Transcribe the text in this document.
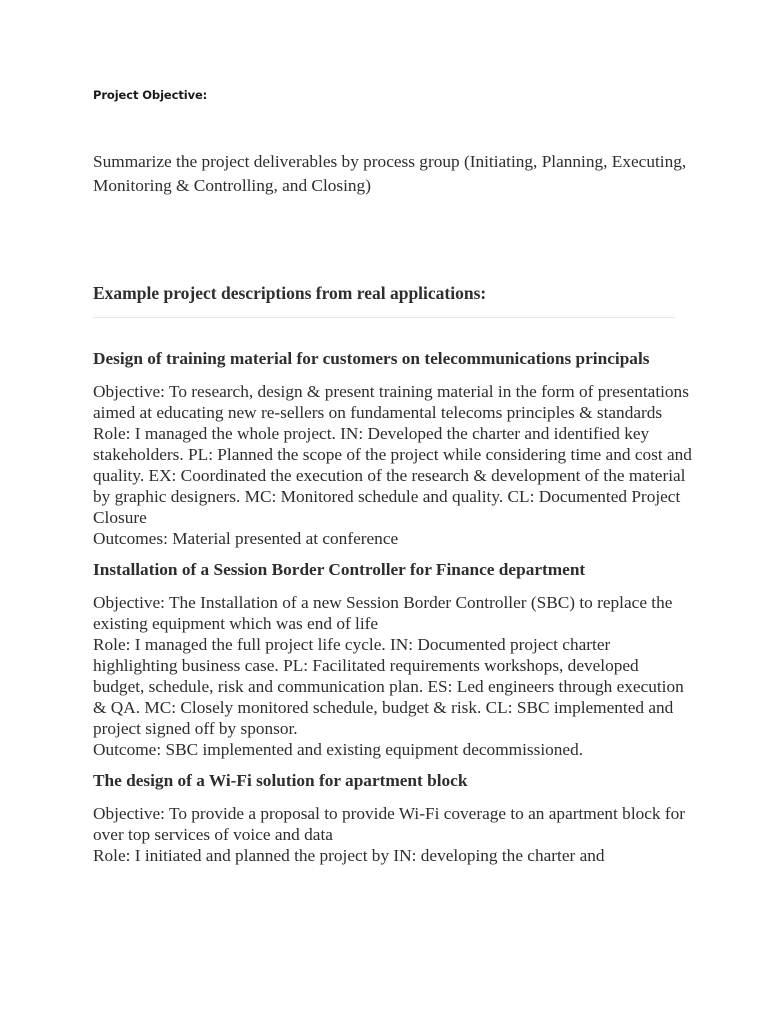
Project Objective:
Summarize the project deliverables by process group (Initiating, Planning, Executing, Monitoring & Controlling, and Closing)
Example project descriptions from real applications:
Design of training material for customers on telecommunications principals

Objective: To research, design & present training material in the form of presentations aimed at educating new re-sellers on fundamental telecoms principles & standards

Role: I managed the whole project. IN: Developed the charter and identified key stakeholders. PL: Planned the scope of the project while considering time and cost and quality. EX: Coordinated the execution of the research & development of the material by graphic designers. MC: Monitored schedule and quality. CL: Documented Project Closure

Outcomes: Material presented at conference

Installation of a Session Border Controller for Finance department

Objective: The Installation of a new Session Border Controller (SBC) to replace the existing equipment which was end of life

Role: I managed the full project life cycle. IN: Documented project charter highlighting business case. PL: Facilitated requirements workshops, developed budget, schedule, risk and communication plan. ES: Led engineers through execution & QA. MC: Closely monitored schedule, budget & risk. CL: SBC implemented and project signed off by sponsor.

Outcome: SBC implemented and existing equipment decommissioned.

The design of a Wi-Fi solution for apartment block

Objective: To provide a proposal to provide Wi-Fi coverage to an apartment block for over top services of voice and data

Role: I initiated and planned the project by IN: developing the charter and
